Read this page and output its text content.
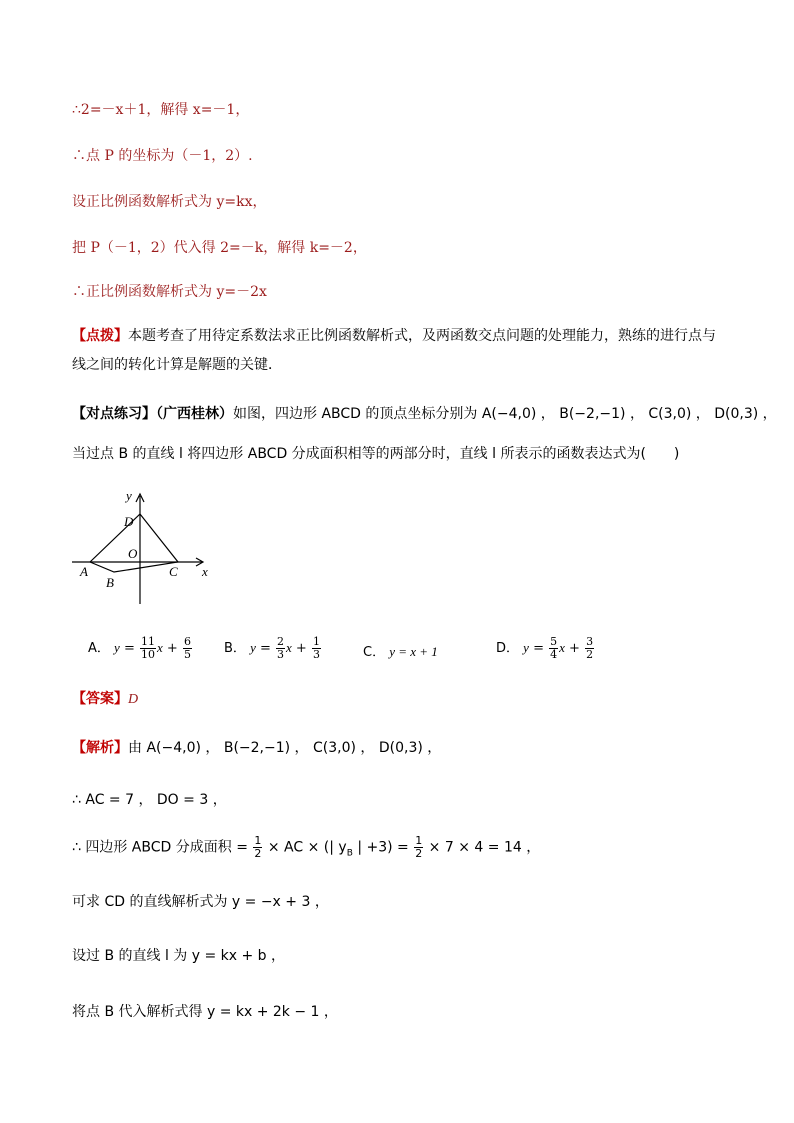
∴2=－x＋1，解得 x=－1，
∴点 P 的坐标为（－1，2）.
设正比例函数解析式为 y=kx，
把 P（－1，2）代入得 2=－k，解得 k=－2，
∴正比例函数解析式为 y=－2x
【点拨】本题考查了用待定系数法求正比例函数解析式，及两函数交点问题的处理能力，熟练的进行点与
线之间的转化计算是解题的关键．
【对点练习】（广西桂林）如图，四边形 ABCD 的顶点坐标分别为 A(−4,0) ， B(−2,−1) ， C(3,0) ， D(0,3) ，
当过点 B 的直线 l 将四边形 ABCD 分成面积相等的两部分时，直线 l 所表示的函数表达式为(　　)
y
x
D
O
A
B
C
A． $y = \frac{11}{10}$ $x + \frac{6}{5}$ B． $y = \frac{2}{3}$ $x + \frac{1}{3}$	C． y = x + 1	D． $y = \frac{5}{4}$ $x + \frac{3}{2}$
【答案】D
【解析】由 A(−4,0) ， B(−2,−1) ， C(3,0) ， D(0,3) ，
∴ AC = 7 ， DO = 3 ，
∴ 四边形 ABCD 分成面积 = $\frac{1}{2}$ × AC × (| $y_B$ | $+3) = \frac{1}{2} \times 7 \times 4 = 14$ ，
可求 CD 的直线解析式为 y = −x + 3 ，
设过 B 的直线 l 为 y = kx + b ，
将点 B 代入解析式得 y = kx + 2k − 1 ，
